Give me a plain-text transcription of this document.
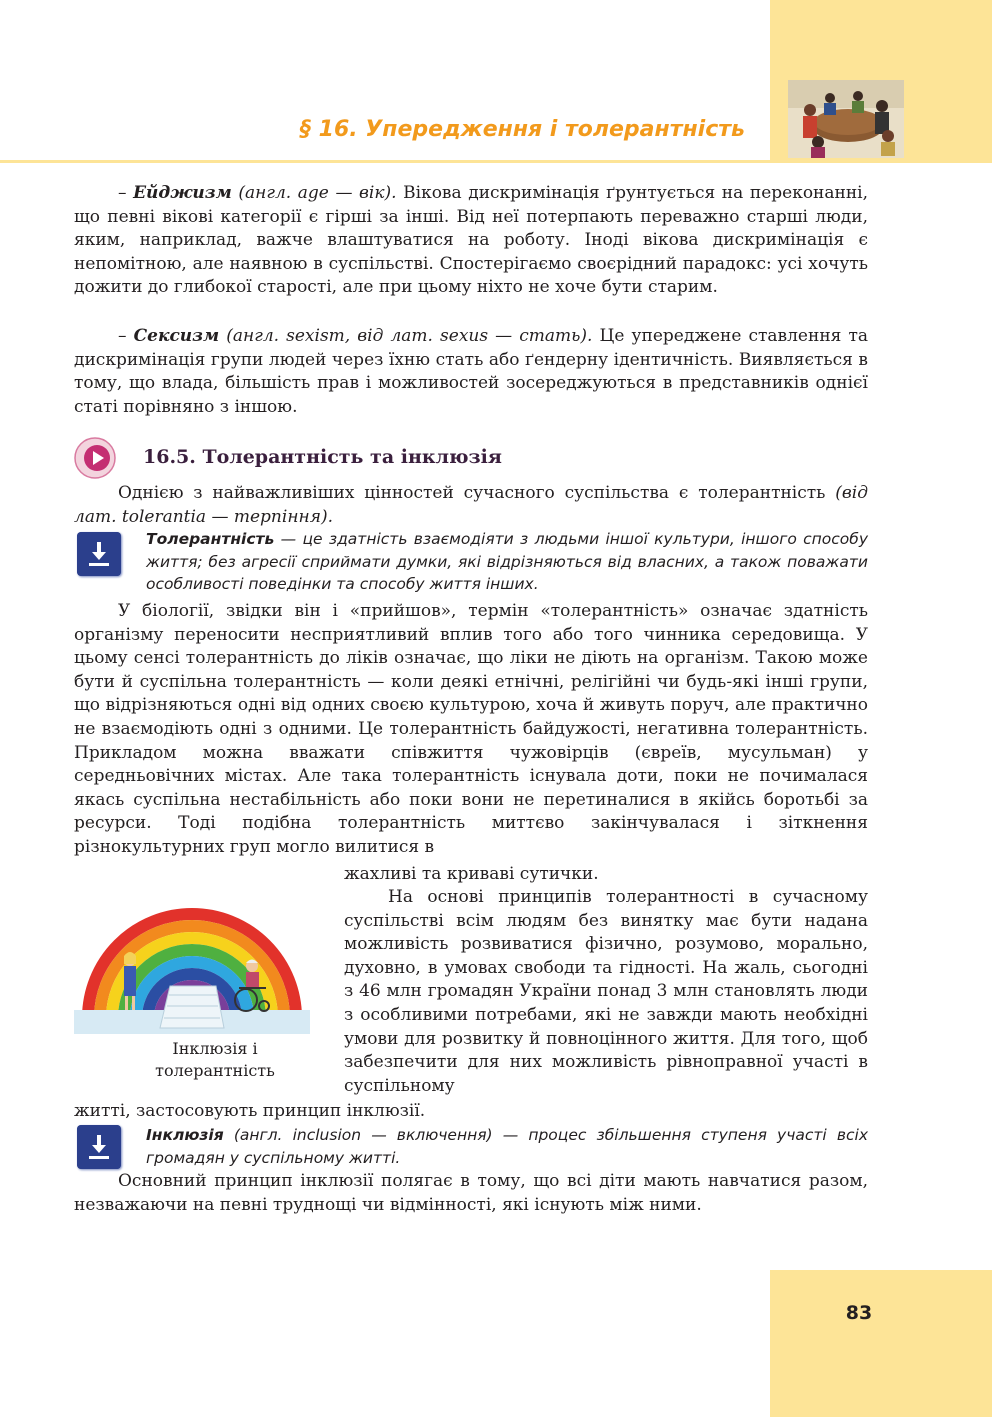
§ 16. Упередження і толерантність

– Ейджизм (англ. age — вік). Вікова дискримінація ґрунтується на переконанні, що певні вікові категорії є гірші за інші. Від неї потерпають переважно старші люди, яким, наприклад, важче влаштуватися на роботу. Іноді вікова дискримінація є непомітною, але наявною в суспільстві. Спостерігаємо своєрідний парадокс: усі хочуть дожити до глибокої старості, але при цьому ніхто не хоче бути старим.

– Сексизм (англ. sexism, від лат. sexus — стать). Це упереджене ставлення та дискримінація групи людей через їхню стать або ґендерну ідентичність. Виявляється в тому, що влада, більшість прав і можливостей зосереджуються в представників однієї статі порівняно з іншою.

16.5. Толерантність та інклюзія

Однією з найважливіших цінностей сучасного суспільства є толерантність (від лат. tolerantia — терпіння).

Толерантність — це здатність взаємодіяти з людьми іншої культури, іншого способу життя; без агресії сприймати думки, які відрізняються від власних, а також поважати особливості поведінки та способу життя інших.

У біології, звідки він і «прийшов», термін «толерантність» означає здатність організму переносити несприятливий вплив того або того чинника середовища. У цьому сенсі толерантність до ліків означає, що ліки не діють на організм. Такою може бути й суспільна толерантність — коли деякі етнічні, релігійні чи будь-які інші групи, що відрізняються одні від одних своєю культурою, хоча й живуть поруч, але практично не взаємодіють одні з одними. Це толерантність байдужості, негативна толерантність. Прикладом можна вважати співжиття чужовірців (євреїв, мусульман) у середньовічних містах. Але така толерантність існувала доти, поки не почималася якась суспільна нестабільність або поки вони не перетиналися в якійсь боротьбі за ресурси. Тоді подібна толерантність миттєво закінчувалася і зіткнення різнокультурних груп могло вилитися в

Інклюзія і толерантність
жахливі та криваві сутички.

На основі принципів толерантності в сучасному суспільстві всім людям без винятку має бути надана можливість розвиватися фізично, розумово, морально, духовно, в умовах свободи та гідності. На жаль, сьогодні з 46 млн громадян України понад 3 млн становлять люди з особливими потребами, які не завжди мають необхідні умови для розвитку й повноцінного життя. Для того, щоб забезпечити для них можливість рівноправної участі в суспільному

житті, застосовують принцип інклюзії.

Інклюзія (англ. inclusion — включення) — процес збільшення ступеня участі всіх громадян у суспільному житті.

Основний принцип інклюзії полягає в тому, що всі діти мають навчатися разом, незважаючи на певні труднощі чи відмінності, які існують між ними.

83
